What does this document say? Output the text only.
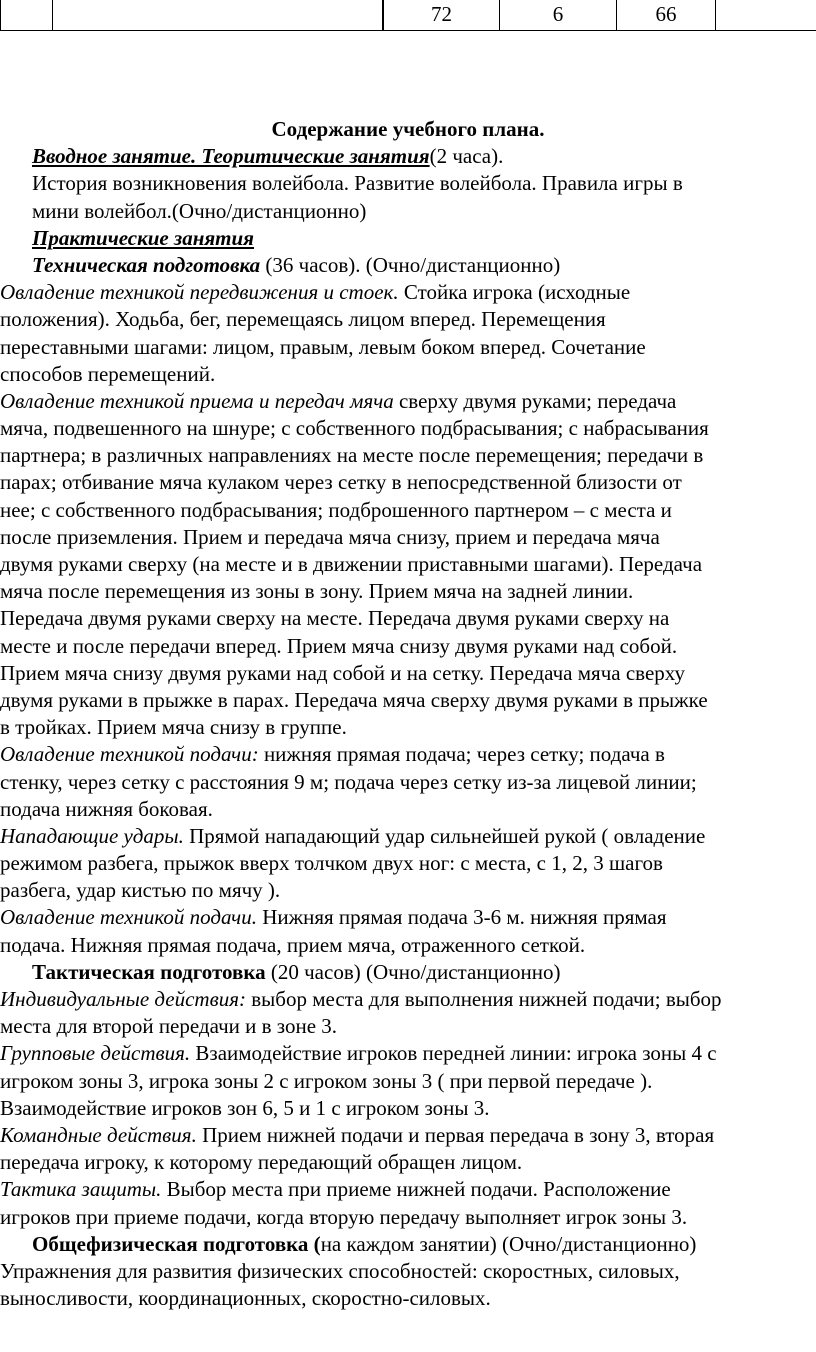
			72	6	66	
Содержание учебного плана.
Вводное занятие. Теоритические занятия(2 часа).
История возникновения волейбола. Развитие волейбола. Правила игры в
мини волейбол.(Очно/дистанционно)
Практические занятия
Техническая подготовка (36 часов). (Очно/дистанционно)
Овладение техникой передвижения и стоек. Стойка игрока (исходные
положения). Ходьба, бег, перемещаясь лицом вперед. Перемещения
переставными шагами: лицом, правым, левым боком вперед. Сочетание
способов перемещений.
Овладение техникой приема и передач мяча сверху двумя руками; передача
мяча, подвешенного на шнуре; с собственного подбрасывания; с набрасывания
партнера; в различных направлениях на месте после перемещения; передачи в
парах; отбивание мяча кулаком через сетку в непосредственной близости от
нее; с собственного подбрасывания; подброшенного партнером – с места и
после приземления. Прием и передача мяча снизу, прием и передача мяча
двумя руками сверху (на месте и в движении приставными шагами). Передача
мяча после перемещения из зоны в зону. Прием мяча на задней линии.
Передача двумя руками сверху на месте. Передача двумя руками сверху на
месте и после передачи вперед. Прием мяча снизу двумя руками над собой.
Прием мяча снизу двумя руками над собой и на сетку. Передача мяча сверху
двумя руками в прыжке в парах. Передача мяча сверху двумя руками в прыжке
в тройках. Прием мяча снизу в группе.
Овладение техникой подачи: нижняя прямая подача; через сетку; подача в
стенку, через сетку с расстояния 9 м; подача через сетку из-за лицевой линии;
подача нижняя боковая.
Нападающие удары. Прямой нападающий удар сильнейшей рукой ( овладение
режимом разбега, прыжок вверх толчком двух ног: с места, с 1, 2, 3 шагов
разбега, удар кистью по мячу ).
Овладение техникой подачи. Нижняя прямая подача 3-6 м. нижняя прямая
подача. Нижняя прямая подача, прием мяча, отраженного сеткой.
Тактическая подготовка (20 часов) (Очно/дистанционно)
Индивидуальные действия: выбор места для выполнения нижней подачи; выбор
места для второй передачи и в зоне 3.
Групповые действия. Взаимодействие игроков передней линии: игрока зоны 4 с
игроком зоны 3, игрока зоны 2 с игроком зоны 3 ( при первой передаче ).
Взаимодействие игроков зон 6, 5 и 1 с игроком зоны 3.
Командные действия. Прием нижней подачи и первая передача в зону 3, вторая
передача игроку, к которому передающий обращен лицом.
Тактика защиты. Выбор места при приеме нижней подачи. Расположение
игроков при приеме подачи, когда вторую передачу выполняет игрок зоны 3.
Общефизическая подготовка (на каждом занятии) (Очно/дистанционно)
Упражнения для развития физических способностей: скоростных, силовых,
выносливости, координационных, скоростно-силовых.
